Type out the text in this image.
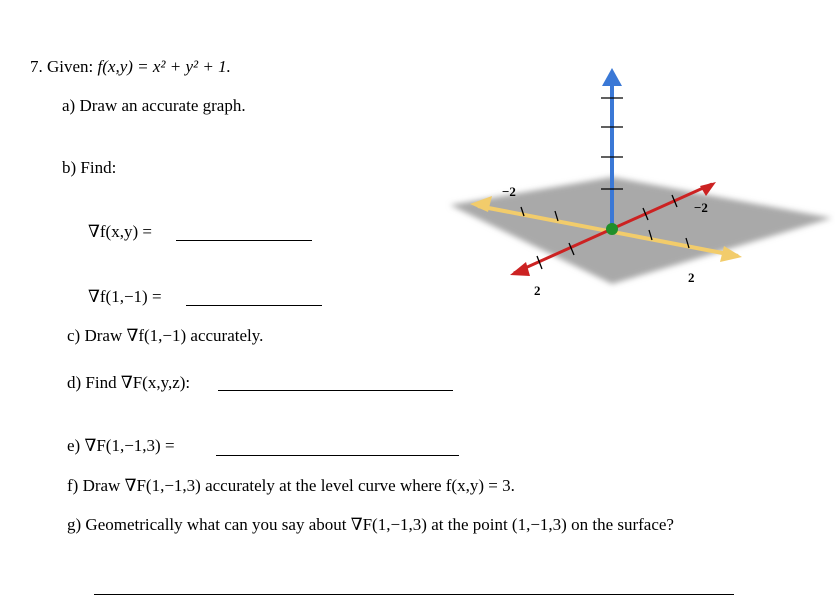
7. Given: f(x,y) = x² + y² + 1.
a) Draw an accurate graph.
b) Find:
∇f(x,y) =
∇f(1,−1) =
c) Draw ∇f(1,−1) accurately.
d) Find ∇F(x,y,z):
e) ∇F(1,−1,3) =
f) Draw ∇F(1,−1,3) accurately at the level curve where f(x,y) = 3.
g) Geometrically what can you say about ∇F(1,−1,3) at the point (1,−1,3) on the surface?
2
−2
2
−2
